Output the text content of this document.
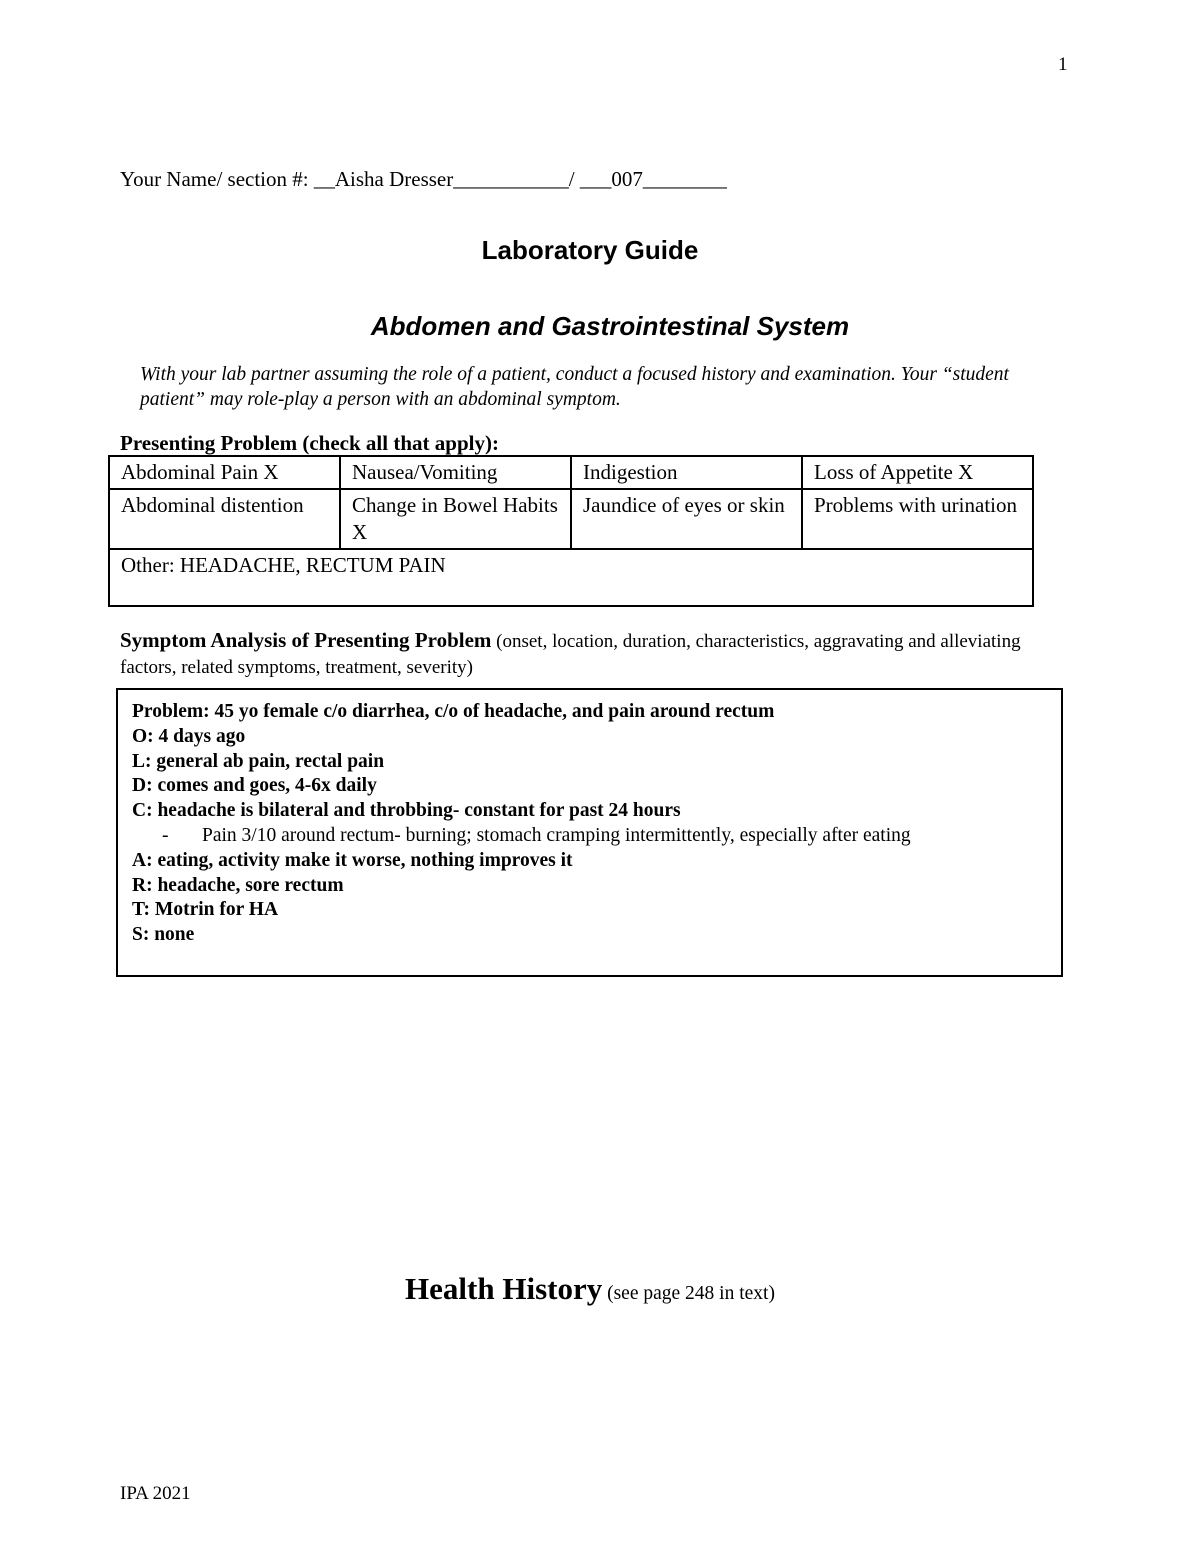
1
Your Name/ section #: __Aisha Dresser___________/ ___007________
Laboratory Guide
Abdomen and Gastrointestinal System
With your lab partner assuming the role of a patient, conduct a focused history and examination. Your “student patient” may role-play a person with an abdominal symptom.
Presenting Problem (check all that apply):
Abdominal Pain X	Nausea/Vomiting	Indigestion	Loss of Appetite X
Abdominal distention	Change in Bowel Habits X	Jaundice of eyes or skin	Problems with urination
Other: HEADACHE, RECTUM PAIN			
Symptom Analysis of Presenting Problem (onset, location, duration, characteristics, aggravating and alleviating factors, related symptoms, treatment, severity)
Problem: 45 yo female c/o diarrhea, c/o of headache, and pain around rectum
O: 4 days ago
L: general ab pain, rectal pain
D: comes and goes, 4-6x daily
C: headache is bilateral and throbbing- constant for past 24 hours
- Pain 3/10 around rectum- burning; stomach cramping intermittently, especially after eating
A: eating, activity make it worse, nothing improves it
R: headache, sore rectum
T: Motrin for HA
S: none
Health History (see page 248 in text)
IPA 2021
